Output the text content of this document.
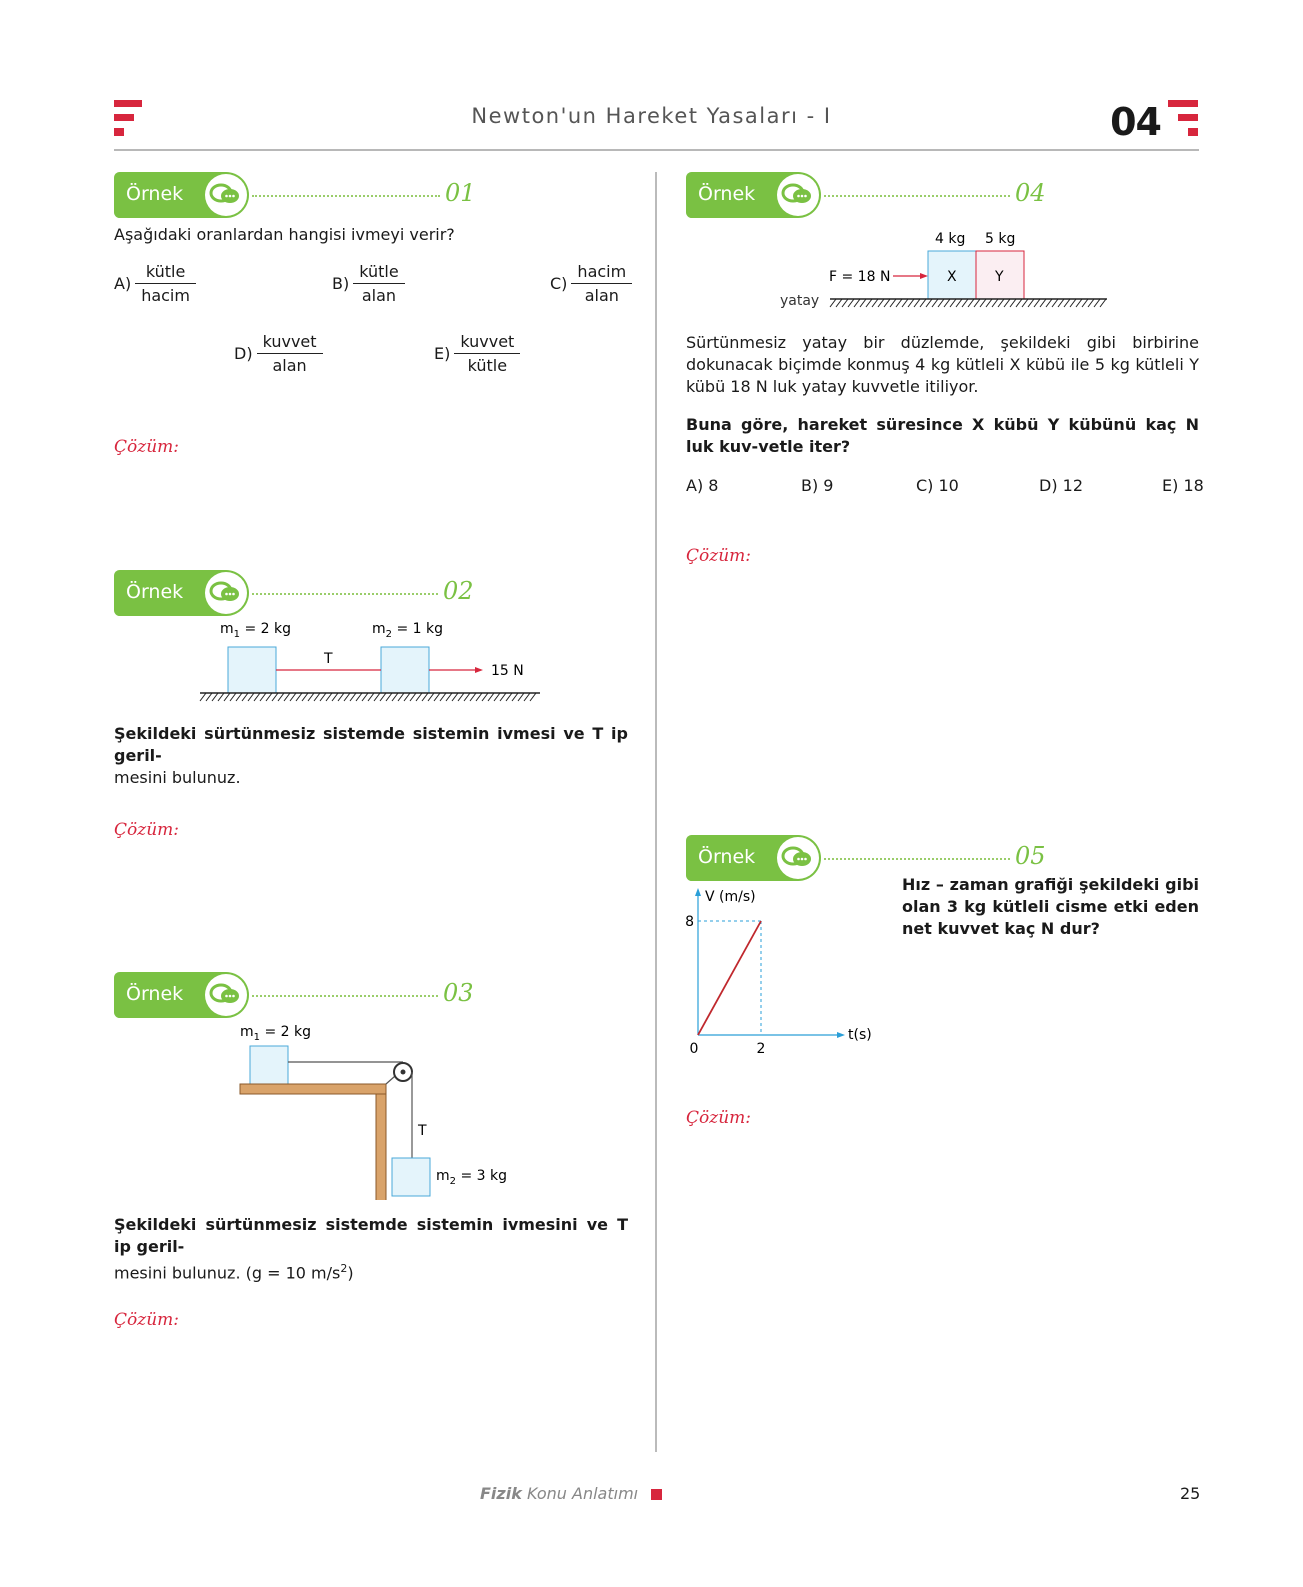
Newton'un Hareket Yasaları - I	04
Örnek	01
Aşağıdaki oranlardan hangisi ivmeyi verir?
$A) \frac{\text{kütle}}{\text{hacim}}$	$B) \frac{\text{kütle}}{\text{alan}}$	$C) \frac{\text{hacim}}{\text{alan}}$
$D) \frac{\text{kuvvet}}{\text{alan}}$	$E) \frac{\text{kuvvet}}{\text{kütle}}$
Çözüm:
Örnek	02
$m_1 = 2$ kg	$m_2 = 1$ kg
T
15 N
Şekildeki sürtünmesiz sistemde sistemin ivmesi ve T ip geril-
mesini bulunuz.
Çözüm:
Örnek	03
$m_1 = 2$ kg
T
$m_2 = 3$ kg
Şekildeki sürtünmesiz sistemde sistemin ivmesini ve T ip geril-
mesini bulunuz. (g = 10 $m/s^2$)
Çözüm:
Örnek	04
4 kg 5 kg
F = 18 N	X	Y
yatay
Sürtünmesiz yatay bir düzlemde, şekildeki gibi birbirine dokunacak biçimde konmuş 4 kg kütleli X kübü ile 5 kg kütleli Y kübü 18 N luk yatay kuvvetle itiliyor.
Buna göre, hareket süresince X kübü Y kübünü kaç N luk kuv-vetle iter?
A) 8	B) 9	C) 10	D) 12	E) 18
Çözüm:
Örnek	05
V (m/s)
t(s)
8
2
0
Hız – zaman grafiği şekildeki gibi olan 3 kg kütleli cisme etki eden net kuvvet kaç N dur?
Çözüm:
Fizik Konu Anlatımı	25
